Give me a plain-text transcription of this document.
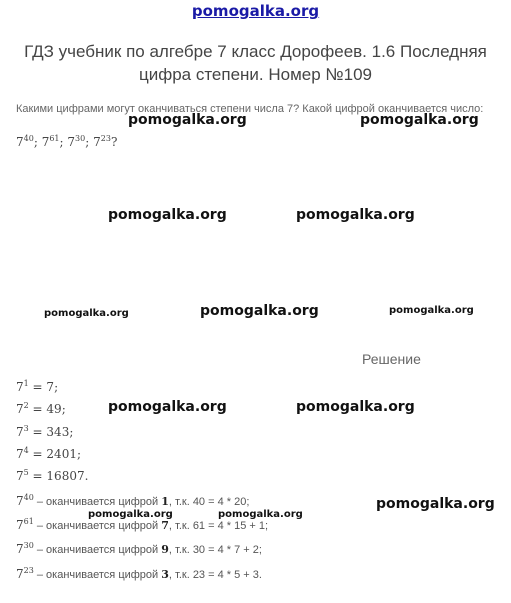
pomogalka.org
ГДЗ учебник по алгебре 7 класс Дорофеев. 1.6 Последняя цифра степени. Номер №109
Какими цифрами могут оканчиваться степени числа 7? Какой цифрой оканчивается число:
$7^{40}$; $7^{61}$; $7^{30}$; $7^{23}$?
pomogalka.org	pomogalka.org
pomogalka.org	pomogalka.org
pomogalka.org	pomogalka.org	pomogalka.org
pomogalka.org	pomogalka.org
pomogalka.org
pomogalka.org	pomogalka.org
Решение
$7^1 = 7$;
$7^2 = 49$;
$7^3 = 343$;
$7^4 = 2401$;
$7^5 = 16807$.
$7^{40}$ – оканчивается цифрой 1, т.к. 40 = 4 * 20;
$7^{61}$ – оканчивается цифрой 7, т.к. 61 = 4 * 15 + 1;
$7^{30}$ – оканчивается цифрой 9, т.к. 30 = 4 * 7 + 2;
$7^{23}$ – оканчивается цифрой 3, т.к. 23 = 4 * 5 + 3.
